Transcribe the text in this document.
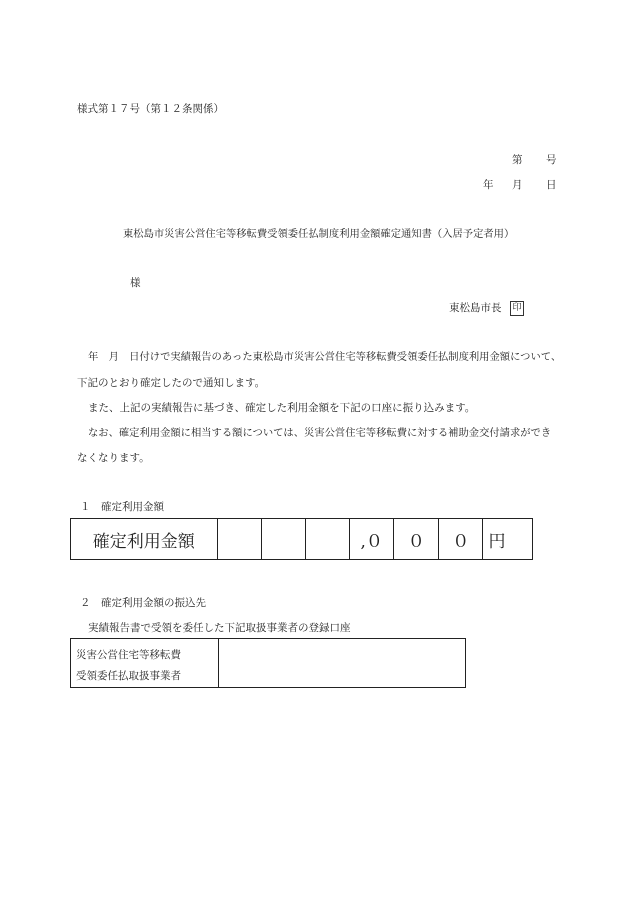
様式第１７号（第１２条関係）
第 号
年 月 日
東松島市災害公営住宅等移転費受領委任払制度利用金額確定通知書（入居予定者用）
様
東松島市長 印
年　月　日付けで実績報告のあった東松島市災害公営住宅等移転費受領委任払制度利用金額について、
下記のとおり確定したので通知します。
また、上記の実績報告に基づき、確定した利用金額を下記の口座に振り込みます。
なお、確定利用金額に相当する額については、災害公営住宅等移転費に対する補助金交付請求ができ
なくなります。
１　確定利用金額
確定利用金額				,０	０	０	円
２　確定利用金額の振込先
実績報告書で受領を委任した下記取扱事業者の登録口座
災害公営住宅等移転費
受領委任払取扱事業者
